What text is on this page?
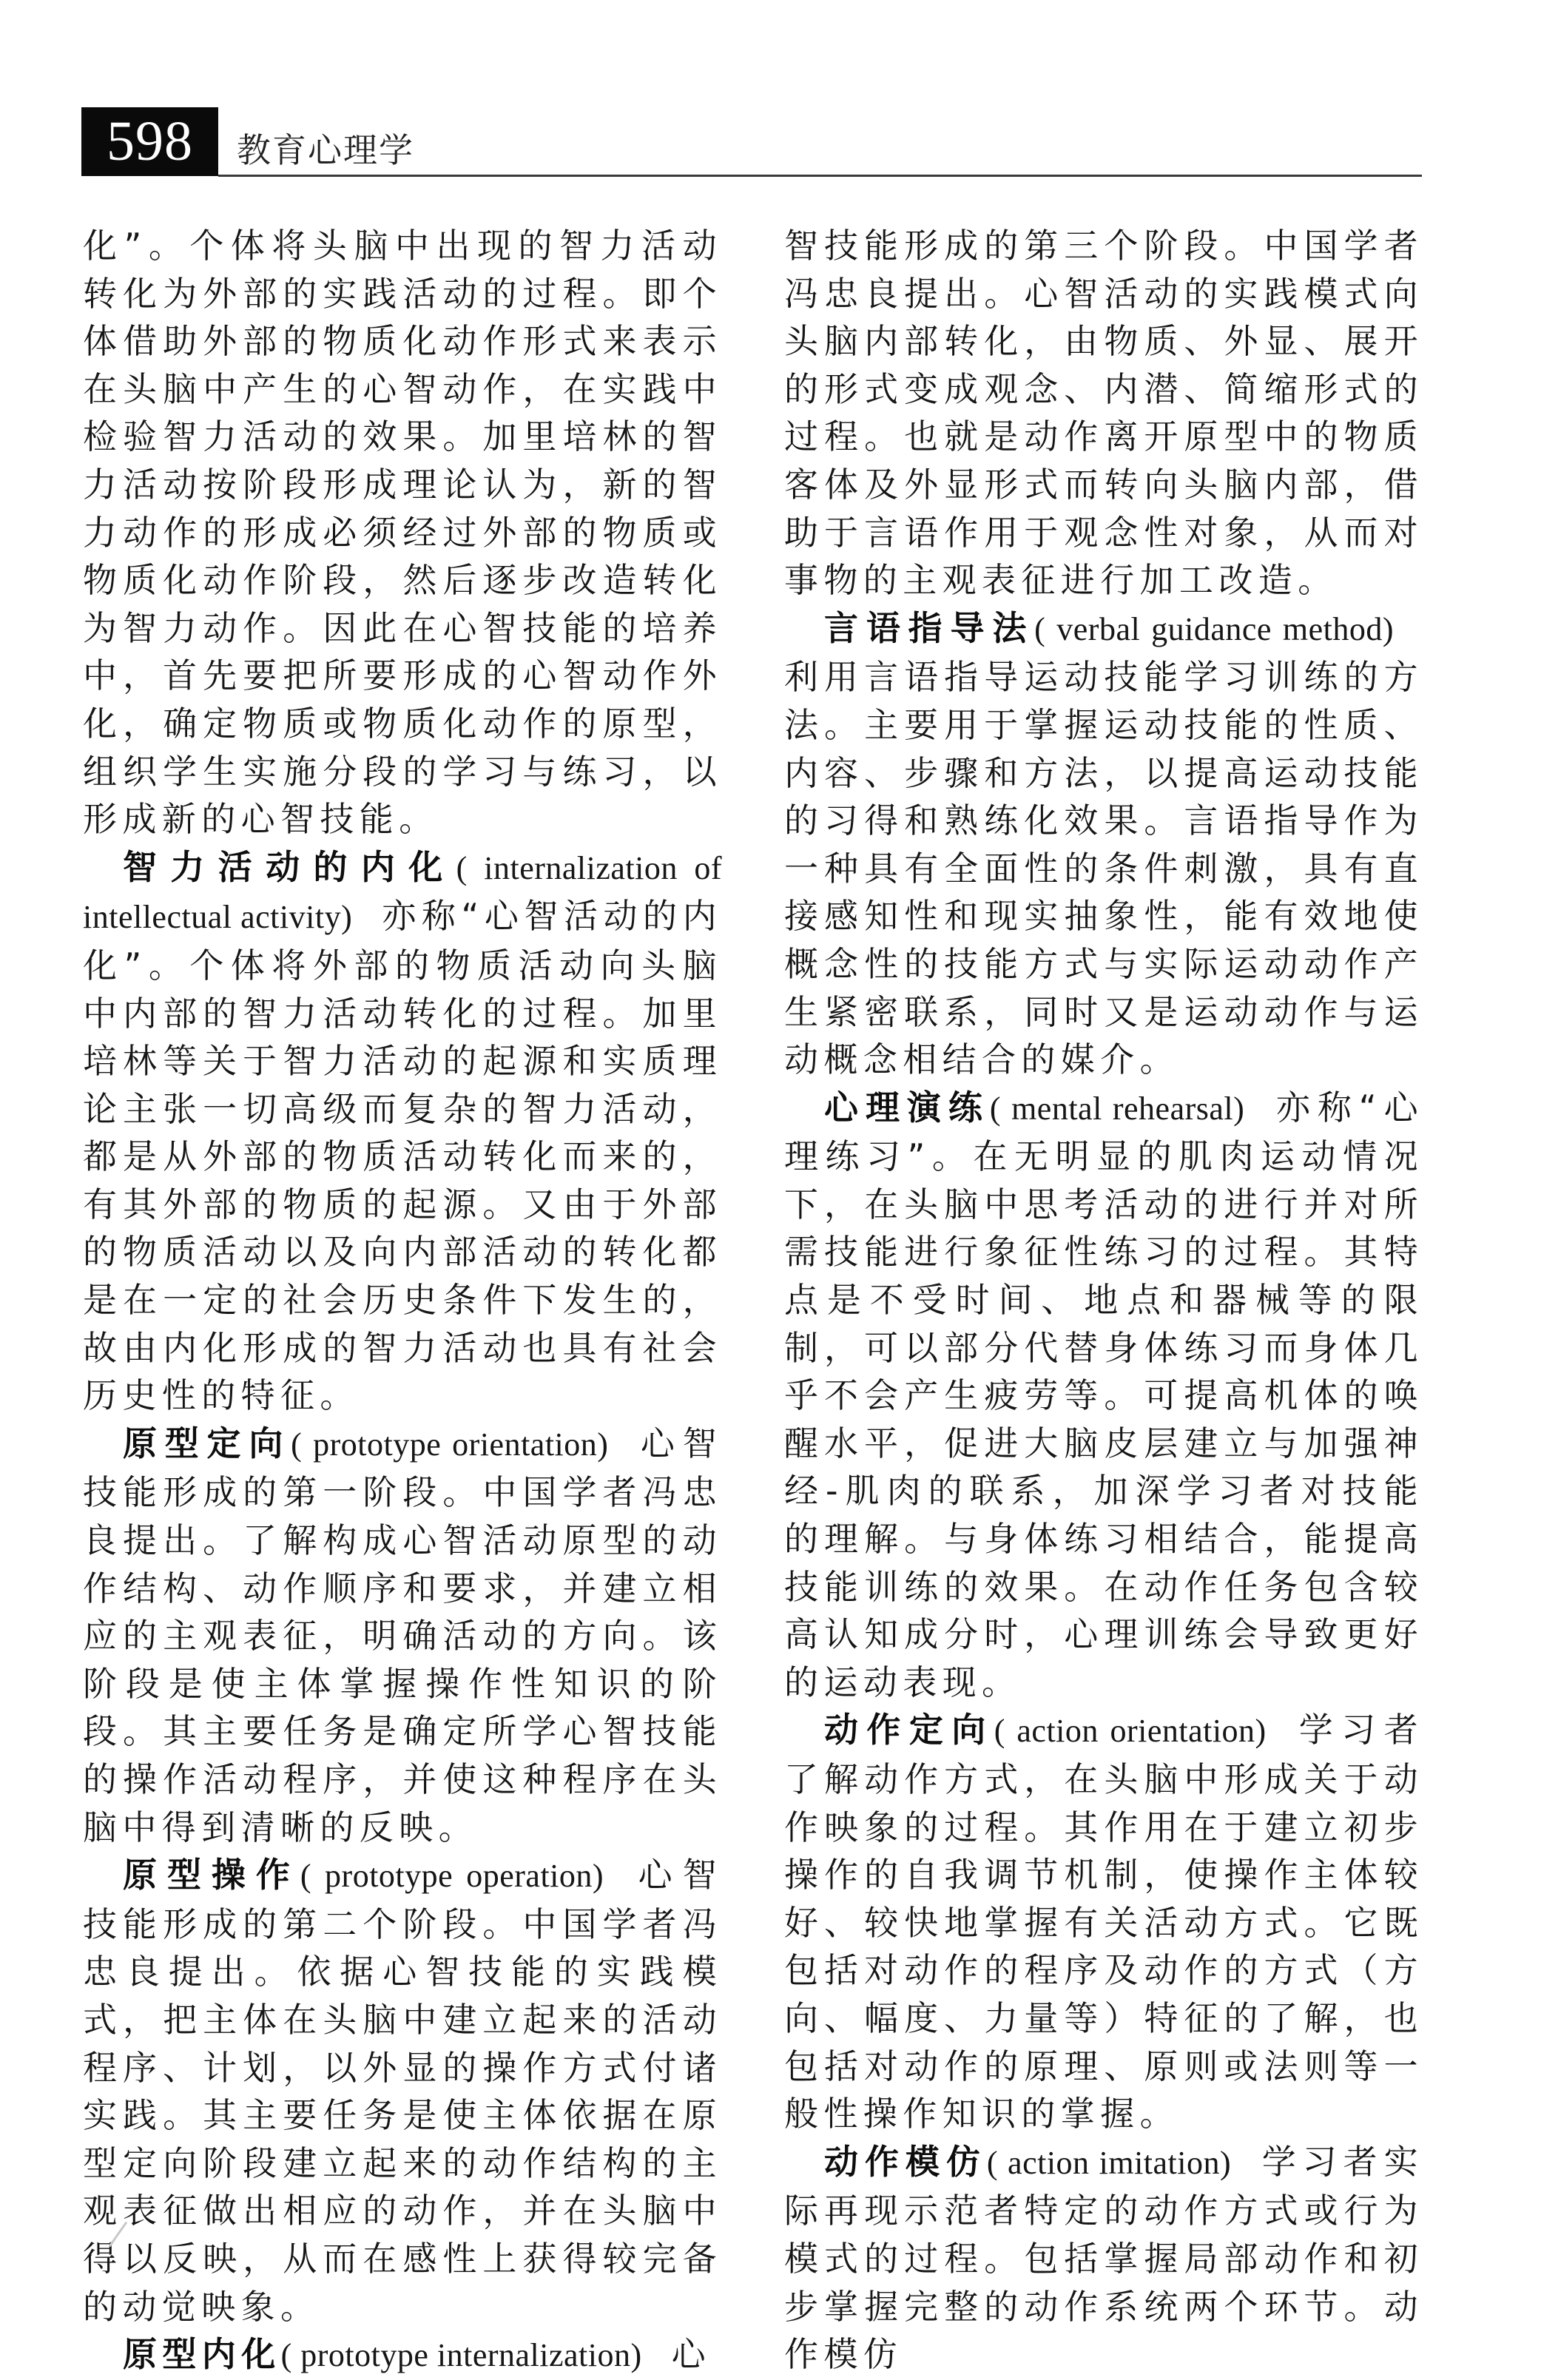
598	教育心理学

化”。个体将头脑中出现的智力活动转化为外部的实践活动的过程。即个体借助外部的物质化动作形式来表示在头脑中产生的心智动作，在实践中检验智力活动的效果。加里培林的智力活动按阶段形成理论认为，新的智力动作的形成必须经过外部的物质或物质化动作阶段，然后逐步改造转化为智力动作。因此在心智技能的培养中，首先要把所要形成的心智动作外化，确定物质或物质化动作的原型，组织学生实施分段的学习与练习，以形成新的心智技能。

智力活动的内化( internalization of intellectual activity) 亦称“心智活动的内化”。个体将外部的物质活动向头脑中内部的智力活动转化的过程。加里培林等关于智力活动的起源和实质理论主张一切高级而复杂的智力活动，都是从外部的物质活动转化而来的，有其外部的物质的起源。又由于外部的物质活动以及向内部活动的转化都是在一定的社会历史条件下发生的，故由内化形成的智力活动也具有社会历史性的特征。

原型定向( prototype orientation) 心智技能形成的第一阶段。中国学者冯忠良提出。了解构成心智活动原型的动作结构、动作顺序和要求，并建立相应的主观表征，明确活动的方向。该阶段是使主体掌握操作性知识的阶段。其主要任务是确定所学心智技能的操作活动程序，并使这种程序在头脑中得到清晰的反映。

原型操作( prototype operation) 心智技能形成的第二个阶段。中国学者冯忠良提出。依据心智技能的实践模式，把主体在头脑中建立起来的活动程序、计划，以外显的操作方式付诸实践。其主要任务是使主体依据在原型定向阶段建立起来的动作结构的主观表征做出相应的动作，并在头脑中得以反映，从而在感性上获得较完备的动觉映象。

原型内化( prototype internalization) 心

智技能形成的第三个阶段。中国学者冯忠良提出。心智活动的实践模式向头脑内部转化，由物质、外显、展开的形式变成观念、内潜、简缩形式的过程。也就是动作离开原型中的物质客体及外显形式而转向头脑内部，借助于言语作用于观念性对象，从而对事物的主观表征进行加工改造。

言语指导法( verbal guidance method)利用言语指导运动技能学习训练的方法。主要用于掌握运动技能的性质、内容、步骤和方法，以提高运动技能的习得和熟练化效果。言语指导作为一种具有全面性的条件刺激，具有直接感知性和现实抽象性，能有效地使概念性的技能方式与实际运动动作产生紧密联系，同时又是运动动作与运动概念相结合的媒介。

心理演练( mental rehearsal) 亦称“心理练习”。在无明显的肌肉运动情况下，在头脑中思考活动的进行并对所需技能进行象征性练习的过程。其特点是不受时间、地点和器械等的限制，可以部分代替身体练习而身体几乎不会产生疲劳等。可提高机体的唤醒水平，促进大脑皮层建立与加强神经-肌肉的联系，加深学习者对技能的理解。与身体练习相结合，能提高技能训练的效果。在动作任务包含较高认知成分时，心理训练会导致更好的运动表现。

动作定向( action orientation) 学习者了解动作方式，在头脑中形成关于动作映象的过程。其作用在于建立初步操作的自我调节机制，使操作主体较好、较快地掌握有关活动方式。它既包括对动作的程序及动作的方式（方向、幅度、力量等）特征的了解，也包括对动作的原理、原则或法则等一般性操作知识的掌握。

动作模仿( action imitation) 学习者实际再现示范者特定的动作方式或行为模式的过程。包括掌握局部动作和初步掌握完整的动作系统两个环节。动作模仿
